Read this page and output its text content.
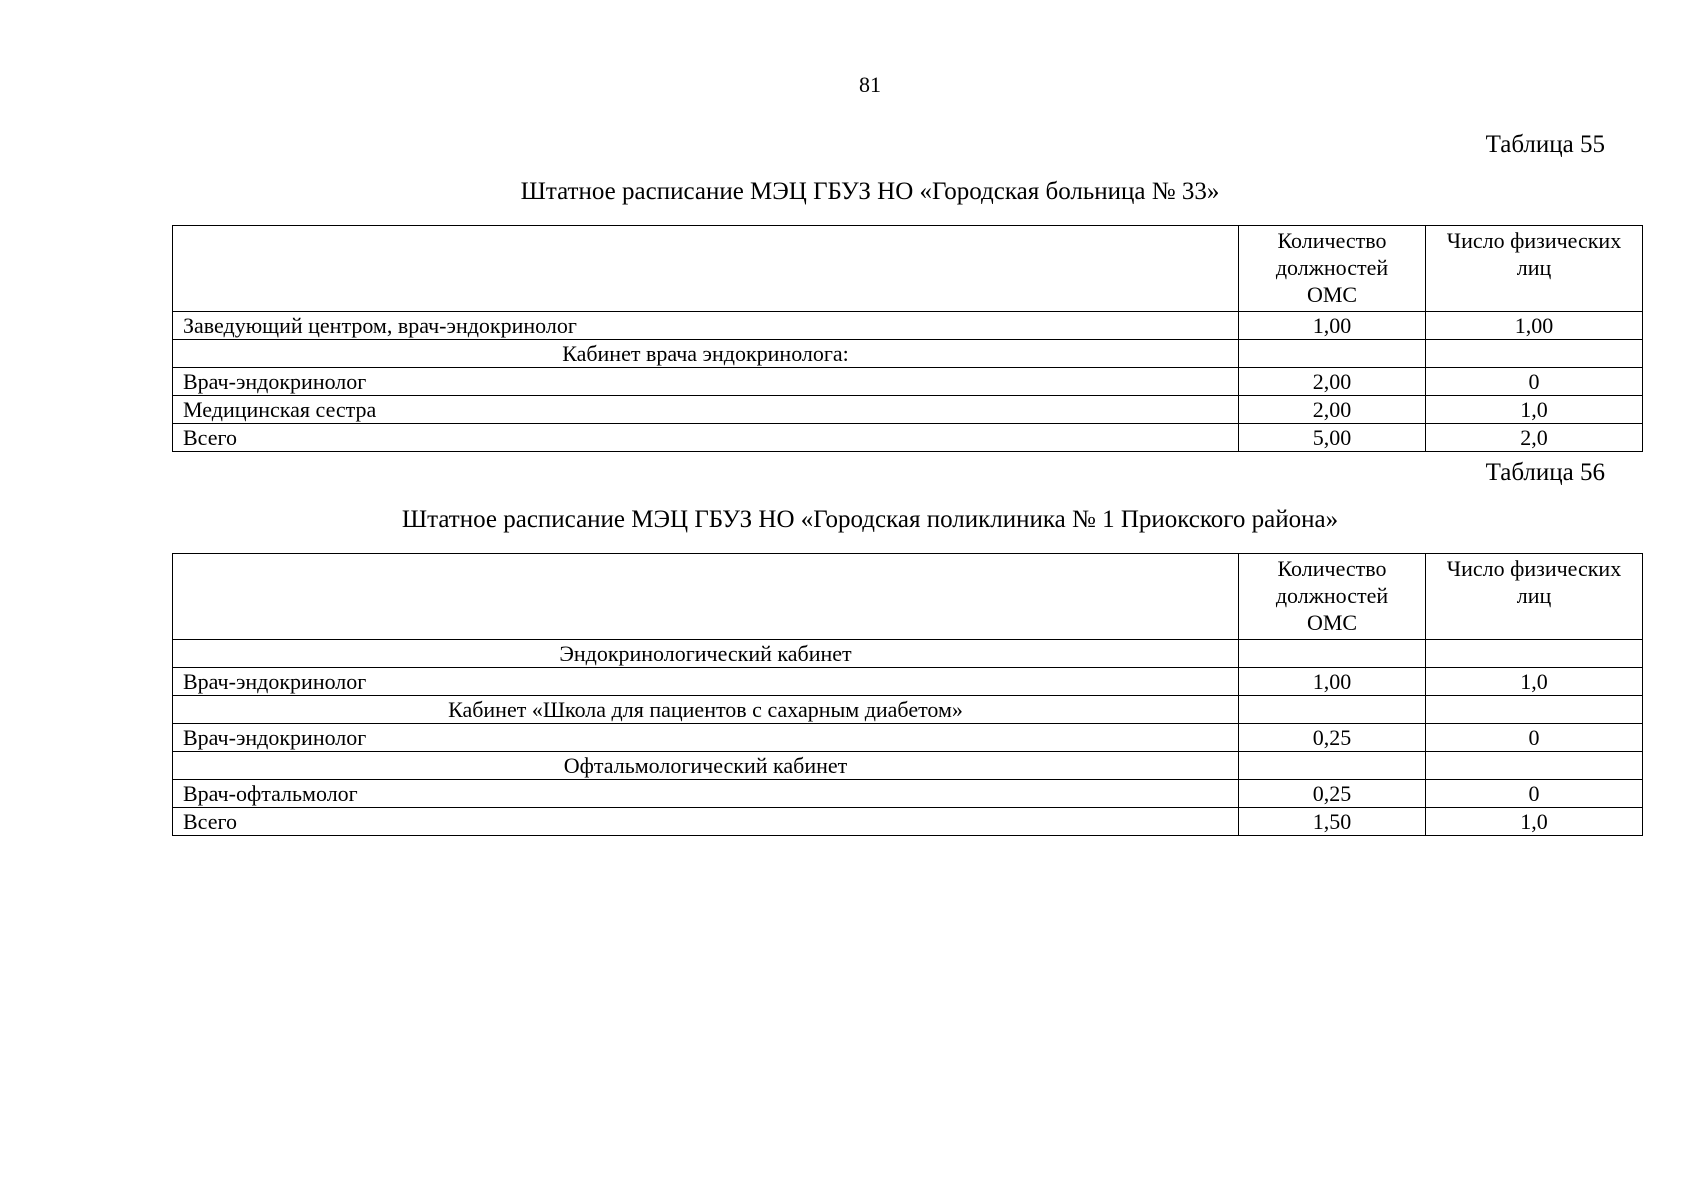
81
Таблица 55
Штатное расписание МЭЦ ГБУЗ НО «Городская больница № 33»
	Количество должностей ОМС	Число физических лиц
Заведующий центром, врач-эндокринолог	1,00	1,00
Кабинет врача эндокринолога:		
Врач-эндокринолог	2,00	0
Медицинская сестра	2,00	1,0
Всего	5,00	2,0
Таблица 56
Штатное расписание МЭЦ ГБУЗ НО «Городская поликлиника № 1 Приокского района»
	Количество должностей ОМС	Число физических лиц
Эндокринологический кабинет		
Врач-эндокринолог	1,00	1,0
Кабинет «Школа для пациентов с сахарным диабетом»		
Врач-эндокринолог	0,25	0
Офтальмологический кабинет		
Врач-офтальмолог	0,25	0
Всего	1,50	1,0
